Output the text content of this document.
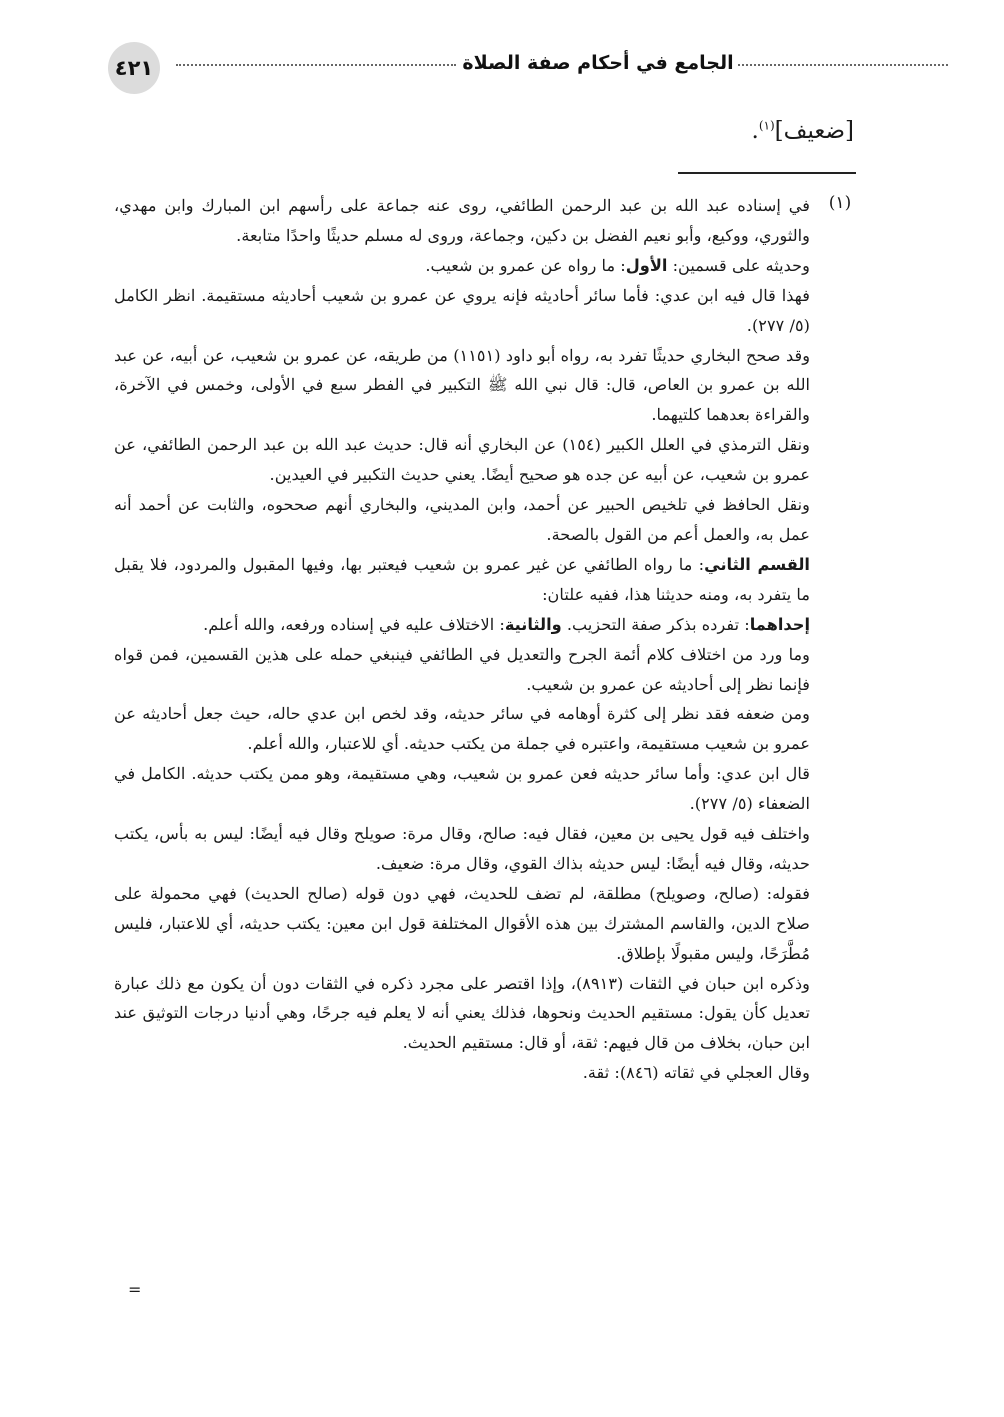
٤٢١	الجامع في أحكام صفة الصلاة
[ضعيف]$^{(١)}$.
(١)

في إسناده عبد الله بن عبد الرحمن الطائفي، روى عنه جماعة على رأسهم ابن المبارك وابن مهدي، والثوري، ووكيع، وأبو نعيم الفضل بن دكين، وجماعة، وروى له مسلم حديثًا واحدًا متابعة.

وحديثه على قسمين: الأول: ما رواه عن عمرو بن شعيب.

فهذا قال فيه ابن عدي: فأما سائر أحاديثه فإنه يروي عن عمرو بن شعيب أحاديثه مستقيمة. انظر الكامل (٥/ ٢٧٧).

وقد صحح البخاري حديثًا تفرد به، رواه أبو داود (١١٥١) من طريقه، عن عمرو بن شعيب، عن أبيه، عن عبد الله بن عمرو بن العاص، قال: قال نبي الله ﷺ التكبير في الفطر سبع في الأولى، وخمس في الآخرة، والقراءة بعدهما كلتيهما.

ونقل الترمذي في العلل الكبير (١٥٤) عن البخاري أنه قال: حديث عبد الله بن عبد الرحمن الطائفي، عن عمرو بن شعيب، عن أبيه عن جده هو صحيح أيضًا. يعني حديث التكبير في العيدين.

ونقل الحافظ في تلخيص الحبير عن أحمد، وابن المديني، والبخاري أنهم صححوه، والثابت عن أحمد أنه عمل به، والعمل أعم من القول بالصحة.

القسم الثاني: ما رواه الطائفي عن غير عمرو بن شعيب فيعتبر بها، وفيها المقبول والمردود، فلا يقبل ما يتفرد به، ومنه حديثنا هذا، ففيه علتان:

إحداهما: تفرده بذكر صفة التحزيب. والثانية: الاختلاف عليه في إسناده ورفعه، والله أعلم.

وما ورد من اختلاف كلام أئمة الجرح والتعديل في الطائفي فينبغي حمله على هذين القسمين، فمن قواه فإنما نظر إلى أحاديثه عن عمرو بن شعيب.

ومن ضعفه فقد نظر إلى كثرة أوهامه في سائر حديثه، وقد لخص ابن عدي حاله، حيث جعل أحاديثه عن عمرو بن شعيب مستقيمة، واعتبره في جملة من يكتب حديثه. أي للاعتبار، والله أعلم.

قال ابن عدي: وأما سائر حديثه فعن عمرو بن شعيب، وهي مستقيمة، وهو ممن يكتب حديثه. الكامل في الضعفاء (٥/ ٢٧٧).

واختلف فيه قول يحيى بن معين، فقال فيه: صالح، وقال مرة: صويلح وقال فيه أيضًا: ليس به بأس، يكتب حديثه، وقال فيه أيضًا: ليس حديثه بذاك القوي، وقال مرة: ضعيف.

فقوله: (صالح، وصويلح) مطلقة، لم تضف للحديث، فهي دون قوله (صالح الحديث) فهي محمولة على صلاح الدين، والقاسم المشترك بين هذه الأقوال المختلفة قول ابن معين: يكتب حديثه، أي للاعتبار، فليس مُطَّرَحًا، وليس مقبولًا بإطلاق.

وذكره ابن حبان في الثقات (٨٩١٣)، وإذا اقتصر على مجرد ذكره في الثقات دون أن يكون مع ذلك عبارة تعديل كأن يقول: مستقيم الحديث ونحوها، فذلك يعني أنه لا يعلم فيه جرحًا، وهي أدنيا درجات التوثيق عند ابن حبان، بخلاف من قال فيهم: ثقة، أو قال: مستقيم الحديث.

وقال العجلي في ثقاته (٨٤٦): ثقة.

=
